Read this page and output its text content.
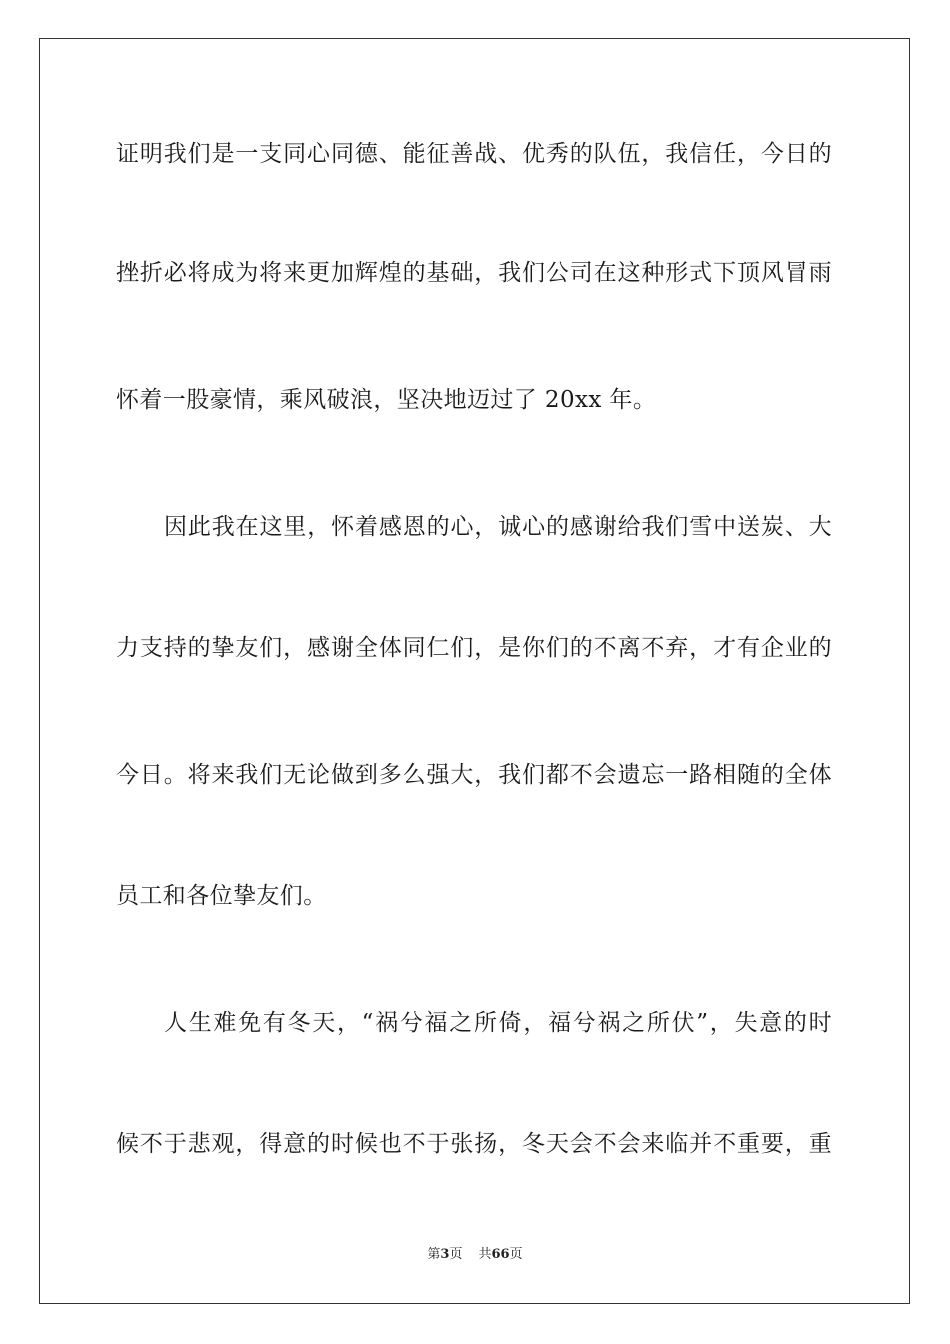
证明我们是一支同心同德、能征善战、优秀的队伍，我信任，今日的
挫折必将成为将来更加辉煌的基础，我们公司在这种形式下顶风冒雨
怀着一股豪情，乘风破浪，坚决地迈过了 20xx 年。
因此我在这里，怀着感恩的心，诚心的感谢给我们雪中送炭、大
力支持的挚友们，感谢全体同仁们，是你们的不离不弃，才有企业的
今日。将来我们无论做到多么强大，我们都不会遗忘一路相随的全体
员工和各位挚友们。
人生难免有冬天，“祸兮福之所倚，福兮祸之所伏”，失意的时
候不于悲观，得意的时候也不于张扬，冬天会不会来临并不重要，重
第3页 共66页
